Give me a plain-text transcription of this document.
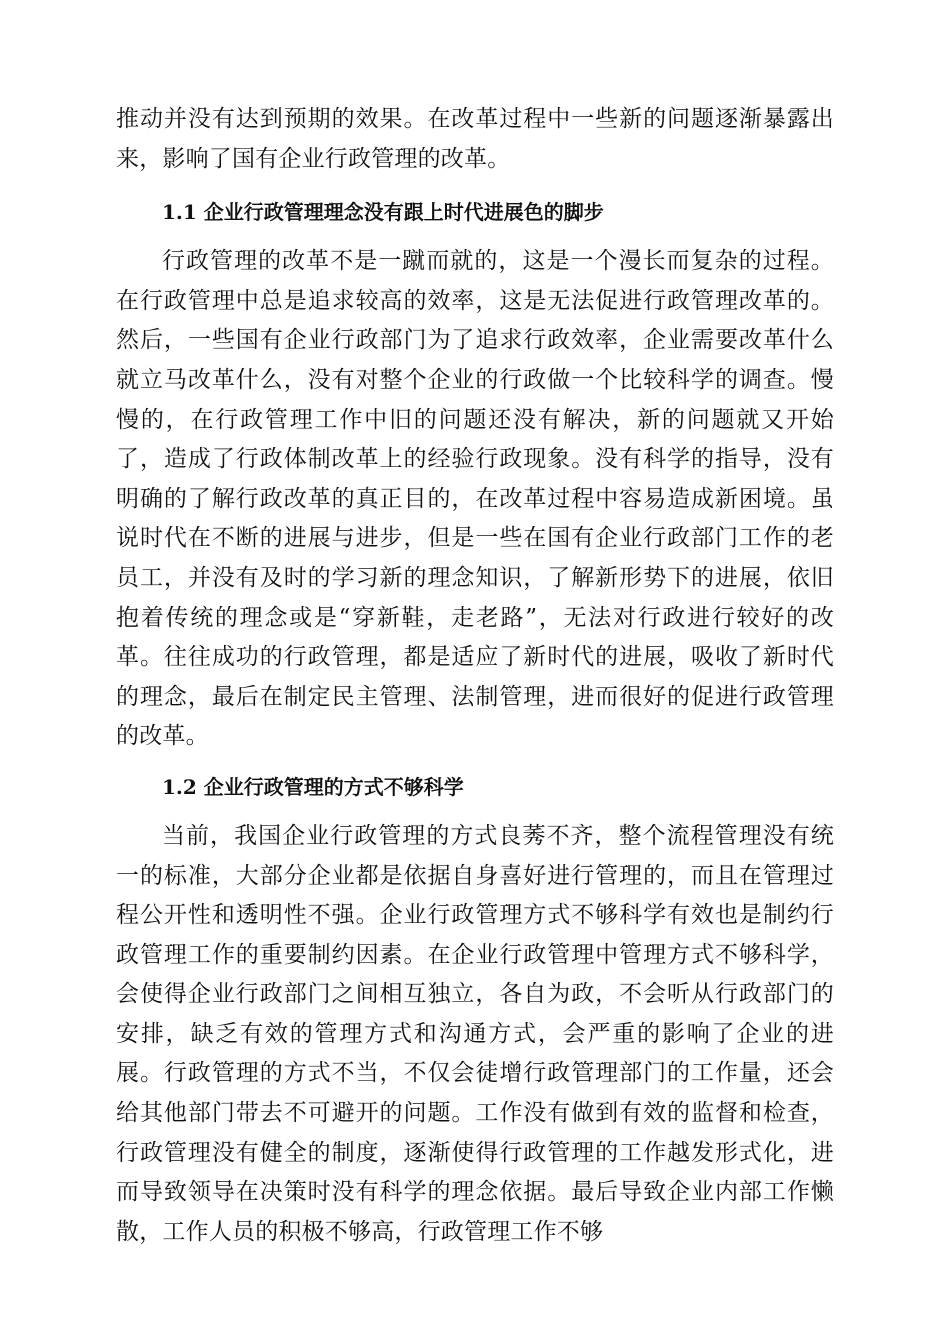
推动并没有达到预期的效果。在改革过程中一些新的问题逐渐暴露出来，影响了国有企业行政管理的改革。

1.1 企业行政管理理念没有跟上时代进展色的脚步

行政管理的改革不是一蹴而就的，这是一个漫长而复杂的过程。在行政管理中总是追求较高的效率，这是无法促进行政管理改革的。然后，一些国有企业行政部门为了追求行政效率，企业需要改革什么就立马改革什么，没有对整个企业的行政做一个比较科学的调查。慢慢的，在行政管理工作中旧的问题还没有解决，新的问题就又开始了，造成了行政体制改革上的经验行政现象。没有科学的指导，没有明确的了解行政改革的真正目的，在改革过程中容易造成新困境。虽说时代在不断的进展与进步，但是一些在国有企业行政部门工作的老员工，并没有及时的学习新的理念知识，了解新形势下的进展，依旧抱着传统的理念或是“穿新鞋，走老路”，无法对行政进行较好的改革。往往成功的行政管理，都是适应了新时代的进展，吸收了新时代的理念，最后在制定民主管理、法制管理，进而很好的促进行政管理的改革。

1.2 企业行政管理的方式不够科学

当前，我国企业行政管理的方式良莠不齐，整个流程管理没有统一的标准，大部分企业都是依据自身喜好进行管理的，而且在管理过程公开性和透明性不强。企业行政管理方式不够科学有效也是制约行政管理工作的重要制约因素。在企业行政管理中管理方式不够科学，会使得企业行政部门之间相互独立，各自为政，不会听从行政部门的安排，缺乏有效的管理方式和沟通方式，会严重的影响了企业的进展。行政管理的方式不当，不仅会徒增行政管理部门的工作量，还会给其他部门带去不可避开的问题。工作没有做到有效的监督和检查，行政管理没有健全的制度，逐渐使得行政管理的工作越发形式化，进而导致领导在决策时没有科学的理念依据。最后导致企业内部工作懒散，工作人员的积极不够高，行政管理工作不够
